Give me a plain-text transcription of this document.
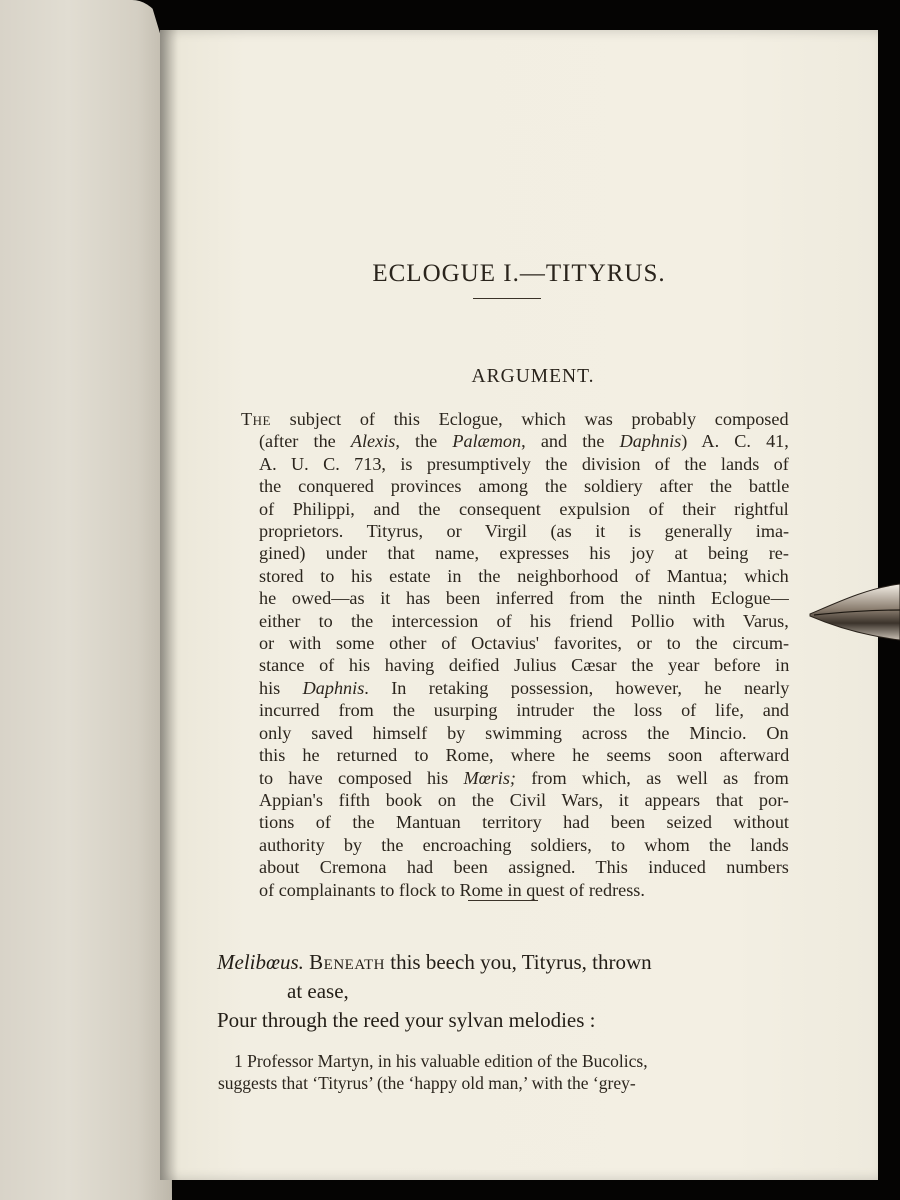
ECLOGUE I.—TITYRUS.
ARGUMENT.
The subject of this Eclogue, which was probably composed
(after the Alexis, the Palæmon, and the Daphnis) A. C. 41,
A. U. C. 713, is presumptively the division of the lands of
the conquered provinces among the soldiery after the battle
of Philippi, and the consequent expulsion of their rightful
proprietors. Tityrus, or Virgil (as it is generally ima-
gined) under that name, expresses his joy at being re-
stored to his estate in the neighborhood of Mantua; which
he owed—as it has been inferred from the ninth Eclogue—
either to the intercession of his friend Pollio with Varus,
or with some other of Octavius' favorites, or to the circum-
stance of his having deified Julius Cæsar the year before in
his Daphnis. In retaking possession, however, he nearly
incurred from the usurping intruder the loss of life, and
only saved himself by swimming across the Mincio. On
this he returned to Rome, where he seems soon afterward
to have composed his Mœris; from which, as well as from
Appian's fifth book on the Civil Wars, it appears that por-
tions of the Mantuan territory had been seized without
authority by the encroaching soldiers, to whom the lands
about Cremona had been assigned. This induced numbers
of complainants to flock to Rome in quest of redress.
Melibœus. Beneath this beech you, Tityrus, thrown
at ease,
Pour through the reed your sylvan melodies :
1 Professor Martyn, in his valuable edition of the Bucolics,
suggests that ‘Tityrus’ (the ‘happy old man,’ with the ‘grey-
